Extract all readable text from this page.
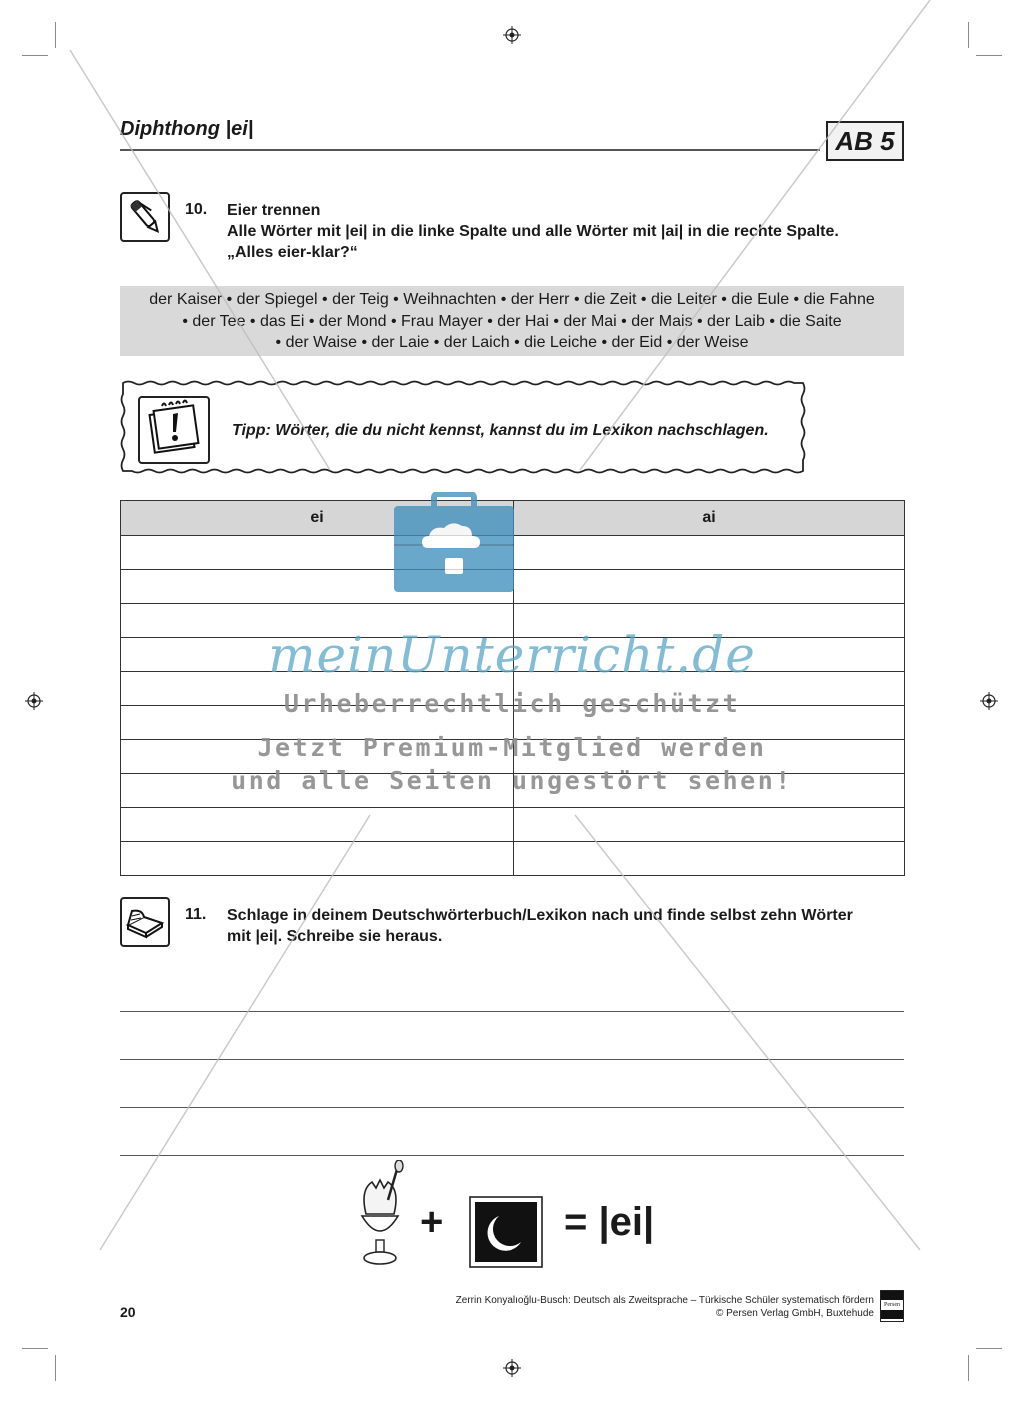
Diphthong |ei|	AB 5
10. Eier trennen
Alle Wörter mit |ei| in die linke Spalte und alle Wörter mit |ai| in die rechte Spalte.
„Alles eier-klar?“
der Kaiser • der Spiegel • der Teig • Weihnachten • der Herr • die Zeit • die Leiter • die Eule • die Fahne
• der Tee • das Ei • der Mond • Frau Mayer • der Hai • der Mai • der Mais • der Laib • die Saite
• der Waise • der Laie • der Laich • die Leiche • der Eid • der Weise
Tipp: Wörter, die du nicht kennst, kannst du im Lexikon nachschlagen.
ei	ai

11. Schlage in deinem Deutschwörterbuch/Lexikon nach und finde selbst zehn Wörter
mit |ei|. Schreibe sie heraus.
+	= |ei|
20
Zerrin Konyalıoğlu-Busch: Deutsch als Zweitsprache – Türkische Schüler systematisch fördern
© Persen Verlag GmbH, Buxtehude
Persen
meinUnterricht.de
Urheberrechtlich geschützt
Jetzt Premium-Mitglied werden
und alle Seiten ungestört sehen!
